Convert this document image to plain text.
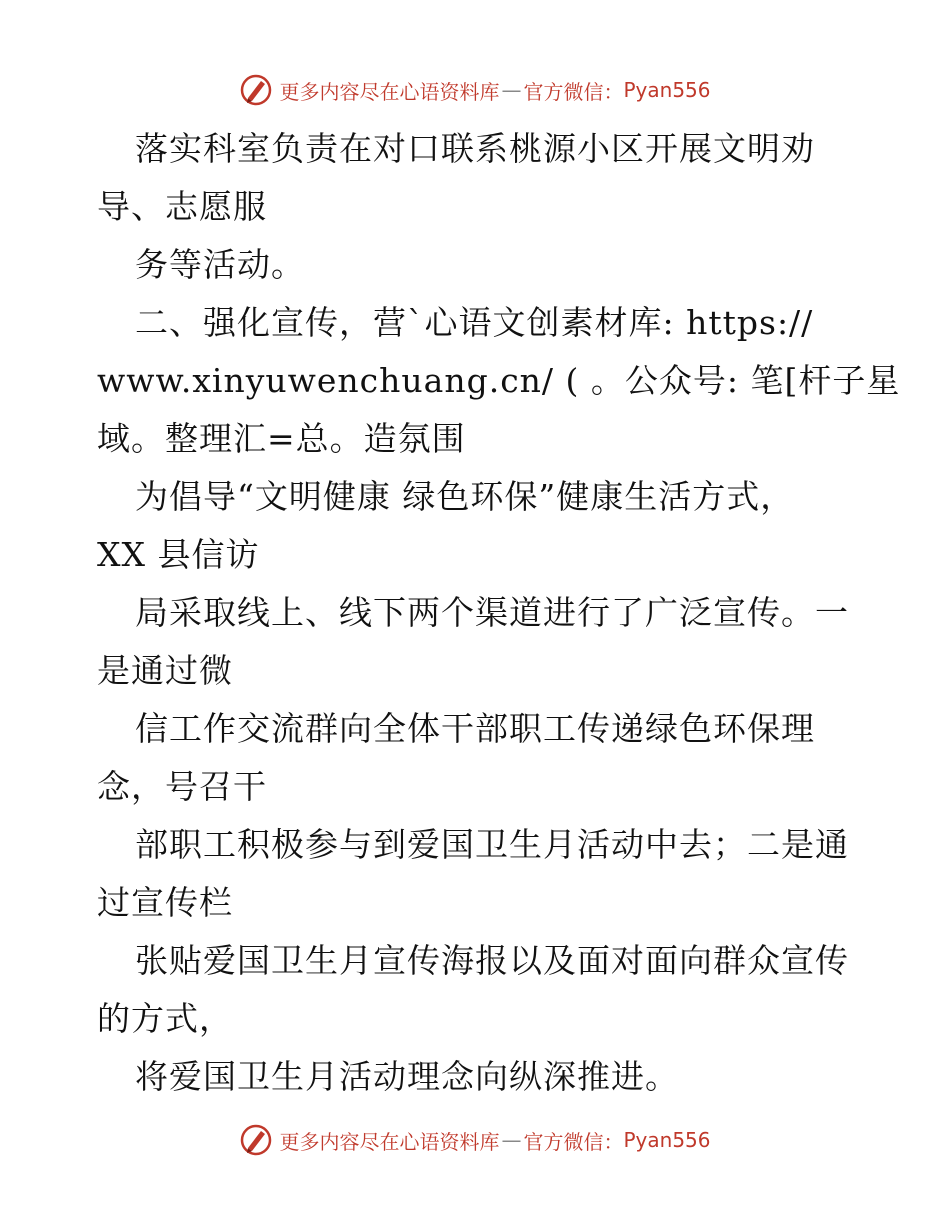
更多内容尽在心语资料库 — 官方微信： Pyan556
落实科室负责在对口联系桃源小区开展文明劝
导、志愿服
务等活动。
二、强化宣传，营`心语文创素材库: https://
www.xinyuwenchuang.cn/ ( 。公众号: 笔[杆子星
域。整理汇=总。造氛围
为倡导“文明健康 绿色环保”健康生活方式，
XX 县信访
局采取线上、线下两个渠道进行了广泛宣传。一
是通过微
信工作交流群向全体干部职工传递绿色环保理
念，号召干
部职工积极参与到爱国卫生月活动中去；二是通
过宣传栏
张贴爱国卫生月宣传海报以及面对面向群众宣传
的方式，
将爱国卫生月活动理念向纵深推进。
更多内容尽在心语资料库 — 官方微信： Pyan556
